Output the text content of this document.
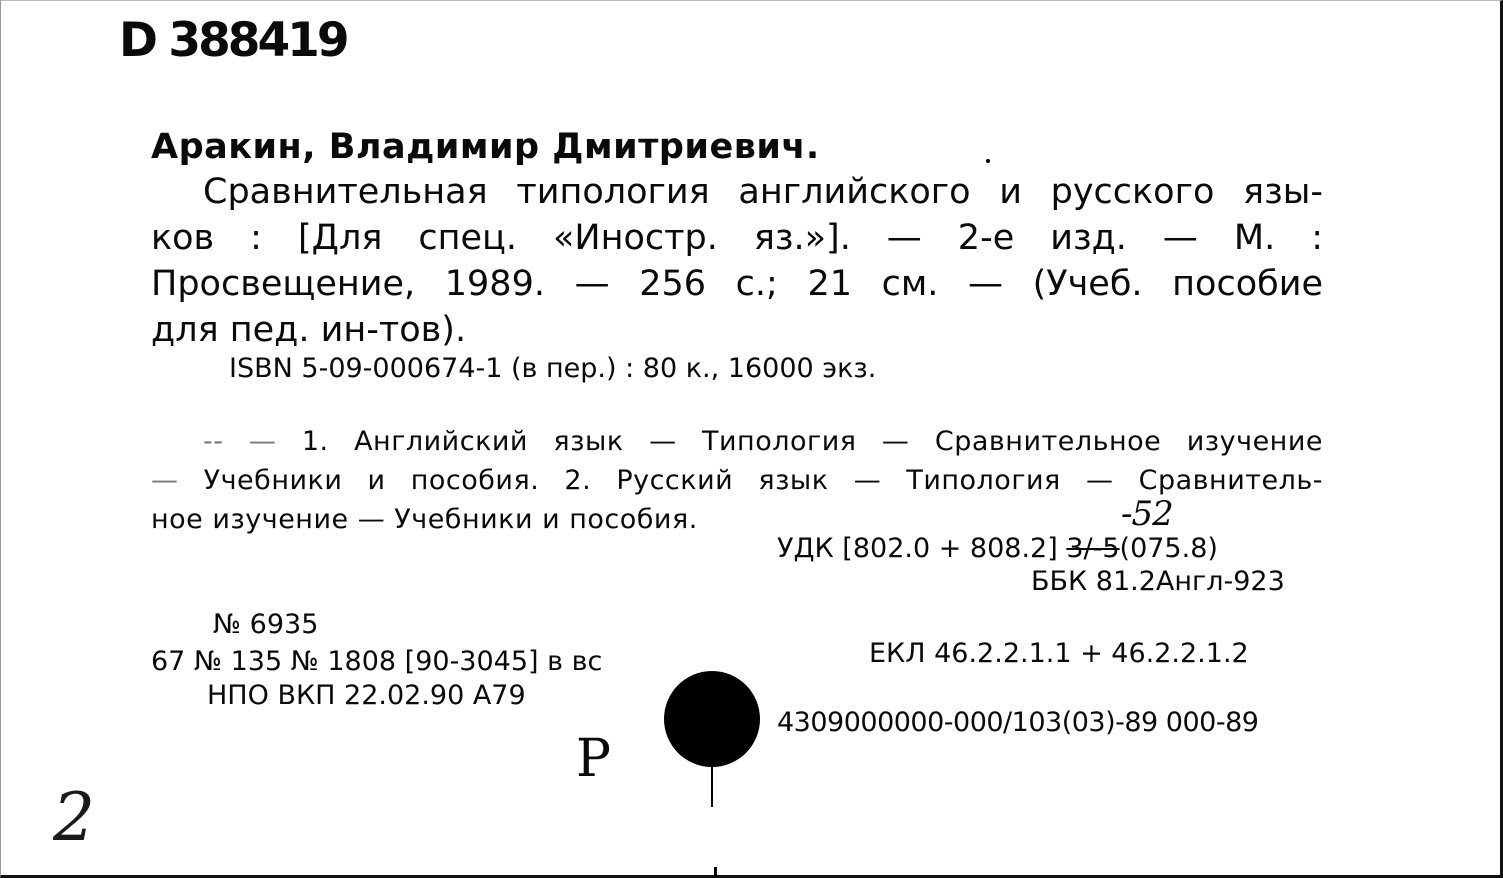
D 388419
Аракин, Владимир Дмитриевич.
Сравнительная типология английского и русского язы-
ков : [Для спец. «Иностр. яз.»]. — 2-е изд. — М. :
Просвещение, 1989. — 256 с.; 21 см. — (Учеб. пособие
для пед. ин-тов).
ISBN 5-09-000674-1 (в пер.) : 80 к., 16000 экз.
-- — 1. Английский язык — Типология — Сравнительное изучение
— Учебники и пособия. 2. Русский язык — Типология — Сравнитель-
ное изучение — Учебники и пособия.	-52
УДК [802.0 + 808.2] 3/-5(075.8)
ББК 81.2Англ-923
№ 6935
67 № 135 № 1808 [90-3045] в вс
НПО ВКП 22.02.90 А79
ЕКЛ 46.2.2.1.1 + 46.2.2.1.2
4309000000-000/103(03)-89 000-89
Р
2
